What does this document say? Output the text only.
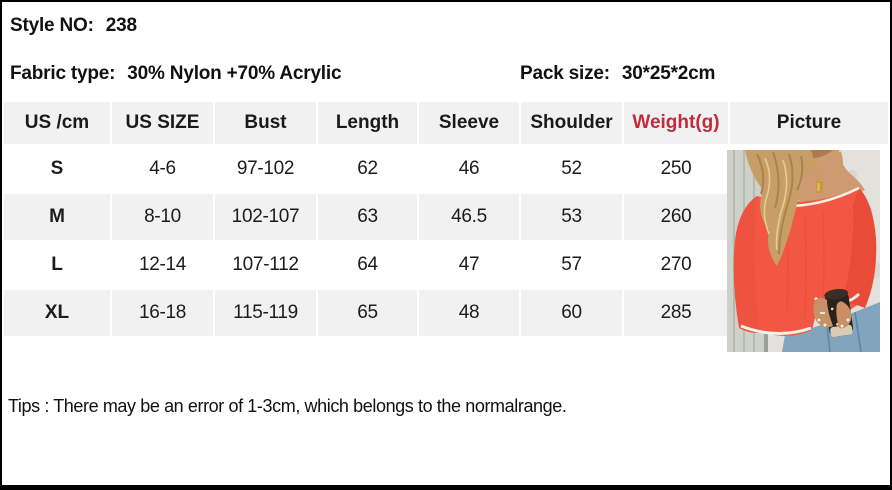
Style NO: 238
Fabric type: 30% Nylon +70% Acrylic	Pack size: 30*25*2cm
US /cm	US SIZE	Bust	Length	Sleeve	Shoulder	Weight(g)	Picture
S	4-6	97-102	62	46	52	250	
M	8-10	102-107	63	46.5	53	260	
L	12-14	107-112	64	47	57	270	
XL	16-18	115-119	65	48	60	285	
Tips : There may be an error of 1-3cm, which belongs to the normalrange.
